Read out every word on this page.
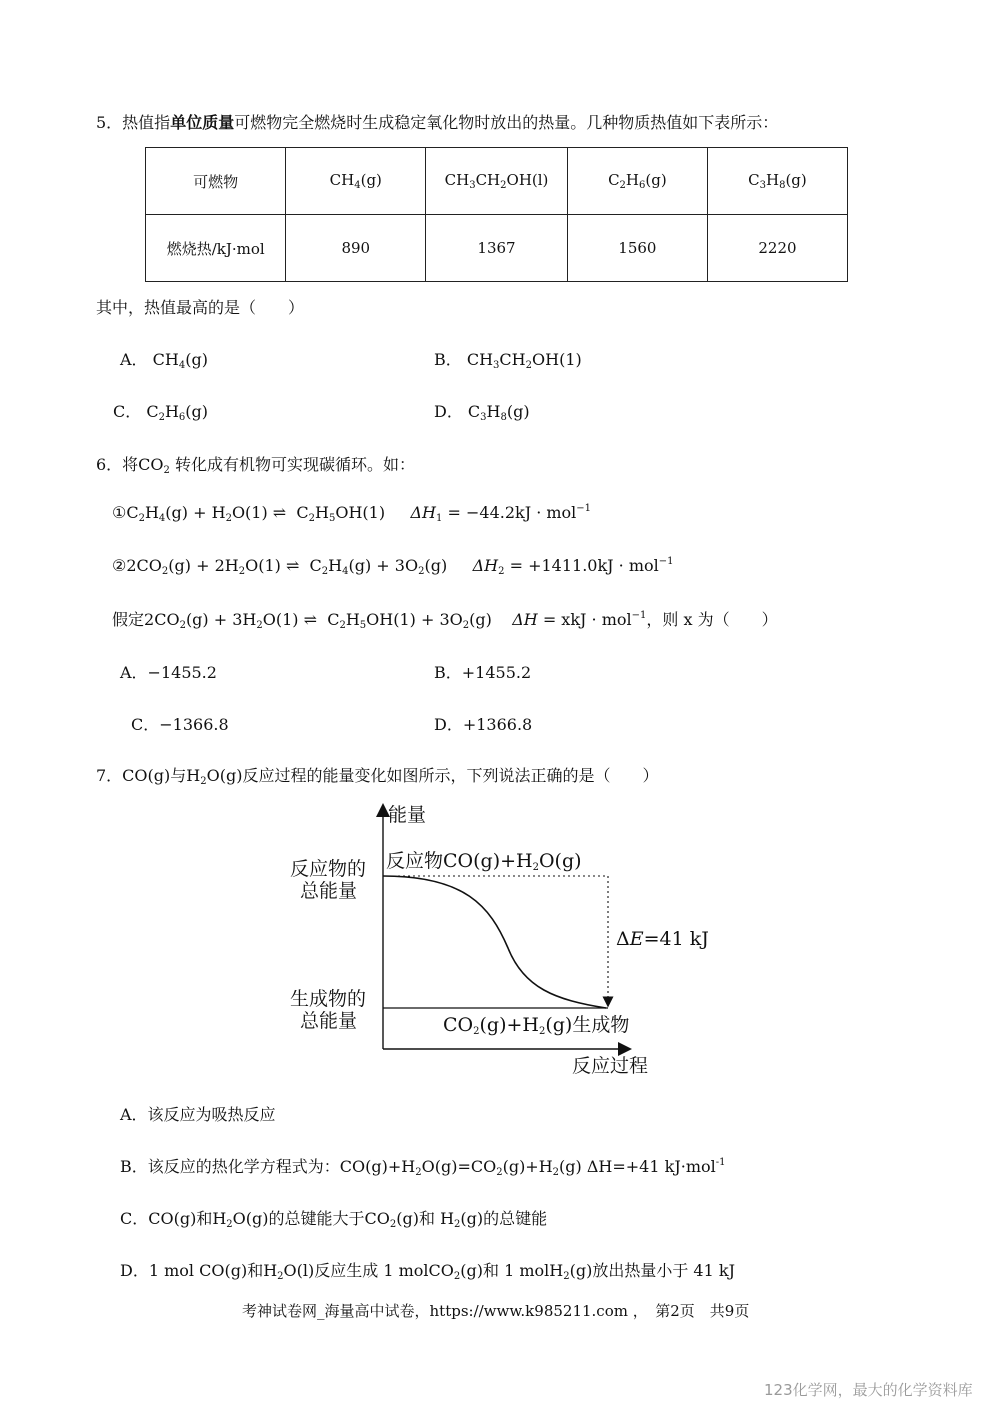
5．热值指单位质量可燃物完全燃烧时生成稳定氧化物时放出的热量。几种物质热值如下表所示：
可燃物	$CH_4(g)$	$CH_3CH_2OH(l)$	$C_2H_6(g)$	$C_3H_8(g)$
燃烧热/kJ·mol	890	1367	1560	2220
其中，热值最高的是（　　）
A． $CH_4(g)$	B． $CH_3CH_2OH(1)$
C． $C_2H_6(g)$	D． $C_3H_8(g)$
6．将$CO_2$ 转化成有机物可实现碳循环。如：
$①C_2H_4(g) + H_2O(1)$ ⇌  $C_2H_5OH(1)$     $\Delta H_1 = -44.2kJ \cdot mol^{-1}$
$②2CO_2(g) + 2H_2O(1)$ ⇌  $C_2H_4(g) + 3O_2(g)$     $\Delta H_2 = +1411.0kJ \cdot mol^{-1}$
假定$2CO_2(g) + 3H_2O(1)$ ⇌  $C_2H_5OH(1) + 3O_2(g)$    ΔH = xkJ · mol$^{-1}$，则 x 为（　　）
A．−1455.2	B．+1455.2
C．−1366.8	D．+1366.8
7．CO(g)与$H_2O(g)$反应过程的能量变化如图所示，下列说法正确的是（　　）
能量
反应物的
总能量
反应物$CO(g)+H_2O(g)$
ΔE=41 kJ
生成物的
总能量	$CO_2(g)+H_2(g)$生成物
反应过程
A．该反应为吸热反应
B．该反应的热化学方程式为：$CO(g)+H_2O(g)=CO_2(g)+H_2(g)$ ΔH=+41 kJ·mol$^{-1}$
C．CO(g)和$H_2O(g)$的总键能大于$CO_2(g)$和 $H_2(g)$的总键能
D．1 mol CO(g)和$H_2O(l)$反应生成 1 molCO$_2$(g)和 1 molH$_2$(g)放出热量小于 41 kJ
考神试卷网_海量高中试卷，https://www.k985211.com ，　第2页　共9页
123化学网，最大的化学资料库
